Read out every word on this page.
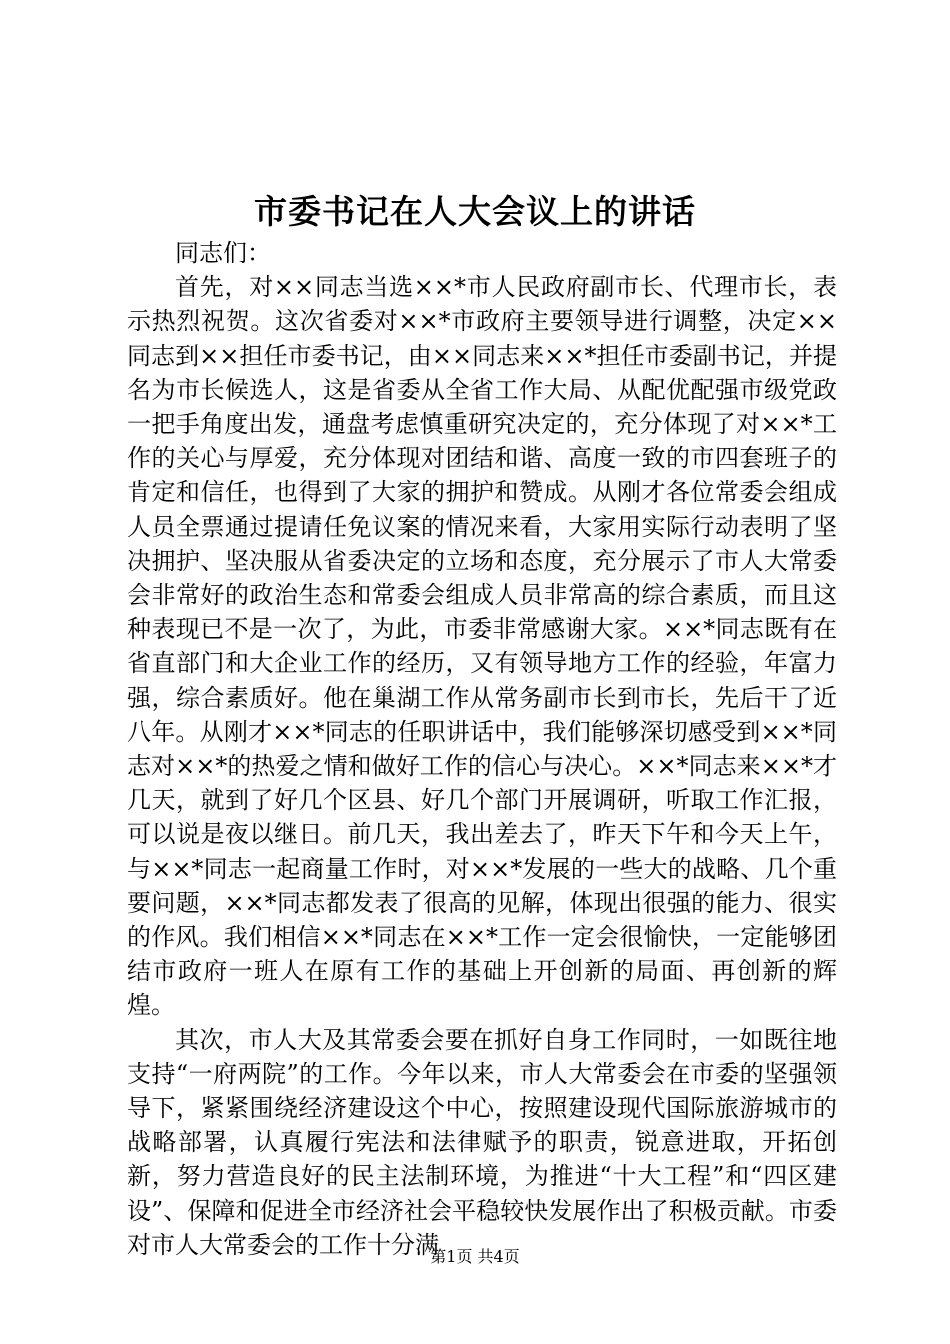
市委书记在人大会议上的讲话

同志们：

首先，对××同志当选××*市人民政府副市长、代理市长，表示热烈祝贺。这次省委对××*市政府主要领导进行调整，决定××同志到××担任市委书记，由××同志来××*担任市委副书记，并提名为市长候选人，这是省委从全省工作大局、从配优配强市级党政一把手角度出发，通盘考虑慎重研究决定的，充分体现了对××*工作的关心与厚爱，充分体现对团结和谐、高度一致的市四套班子的肯定和信任，也得到了大家的拥护和赞成。从刚才各位常委会组成人员全票通过提请任免议案的情况来看，大家用实际行动表明了坚决拥护、坚决服从省委决定的立场和态度，充分展示了市人大常委会非常好的政治生态和常委会组成人员非常高的综合素质，而且这种表现已不是一次了，为此，市委非常感谢大家。××*同志既有在省直部门和大企业工作的经历，又有领导地方工作的经验，年富力强，综合素质好。他在巢湖工作从常务副市长到市长，先后干了近八年。从刚才××*同志的任职讲话中，我们能够深切感受到××*同志对××*的热爱之情和做好工作的信心与决心。××*同志来××*才几天，就到了好几个区县、好几个部门开展调研，听取工作汇报，可以说是夜以继日。前几天，我出差去了，昨天下午和今天上午，与××*同志一起商量工作时，对××*发展的一些大的战略、几个重要问题，××*同志都发表了很高的见解，体现出很强的能力、很实的作风。我们相信××*同志在××*工作一定会很愉快，一定能够团结市政府一班人在原有工作的基础上开创新的局面、再创新的辉煌。

其次，市人大及其常委会要在抓好自身工作同时，一如既往地支持“一府两院”的工作。今年以来，市人大常委会在市委的坚强领导下，紧紧围绕经济建设这个中心，按照建设现代国际旅游城市的战略部署，认真履行宪法和法律赋予的职责，锐意进取，开拓创新，努力营造良好的民主法制环境，为推进“十大工程”和“四区建设”、保障和促进全市经济社会平稳较快发展作出了积极贡献。市委对市人大常委会的工作十分满

第1页 共4页
